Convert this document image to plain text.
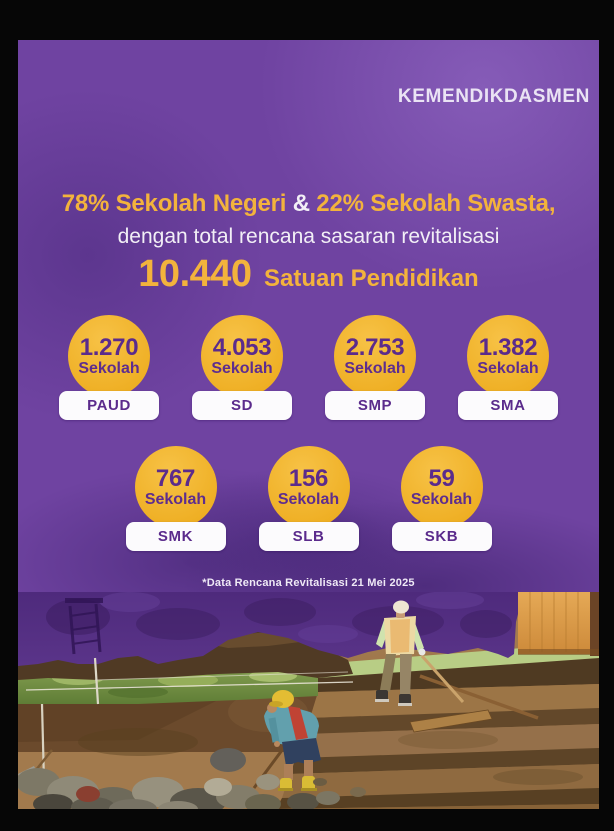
KEMENDIKDASMEN
78% Sekolah Negeri & 22% Sekolah Swasta,
dengan total rencana sasaran revitalisasi
10.440 Satuan Pendidikan
1.270
Sekolah
PAUD
4.053
Sekolah
SD
2.753
Sekolah
SMP
1.382
Sekolah
SMA
767
Sekolah
SMK
156
Sekolah
SLB
59
Sekolah
SKB
*Data Rencana Revitalisasi 21 Mei 2025
